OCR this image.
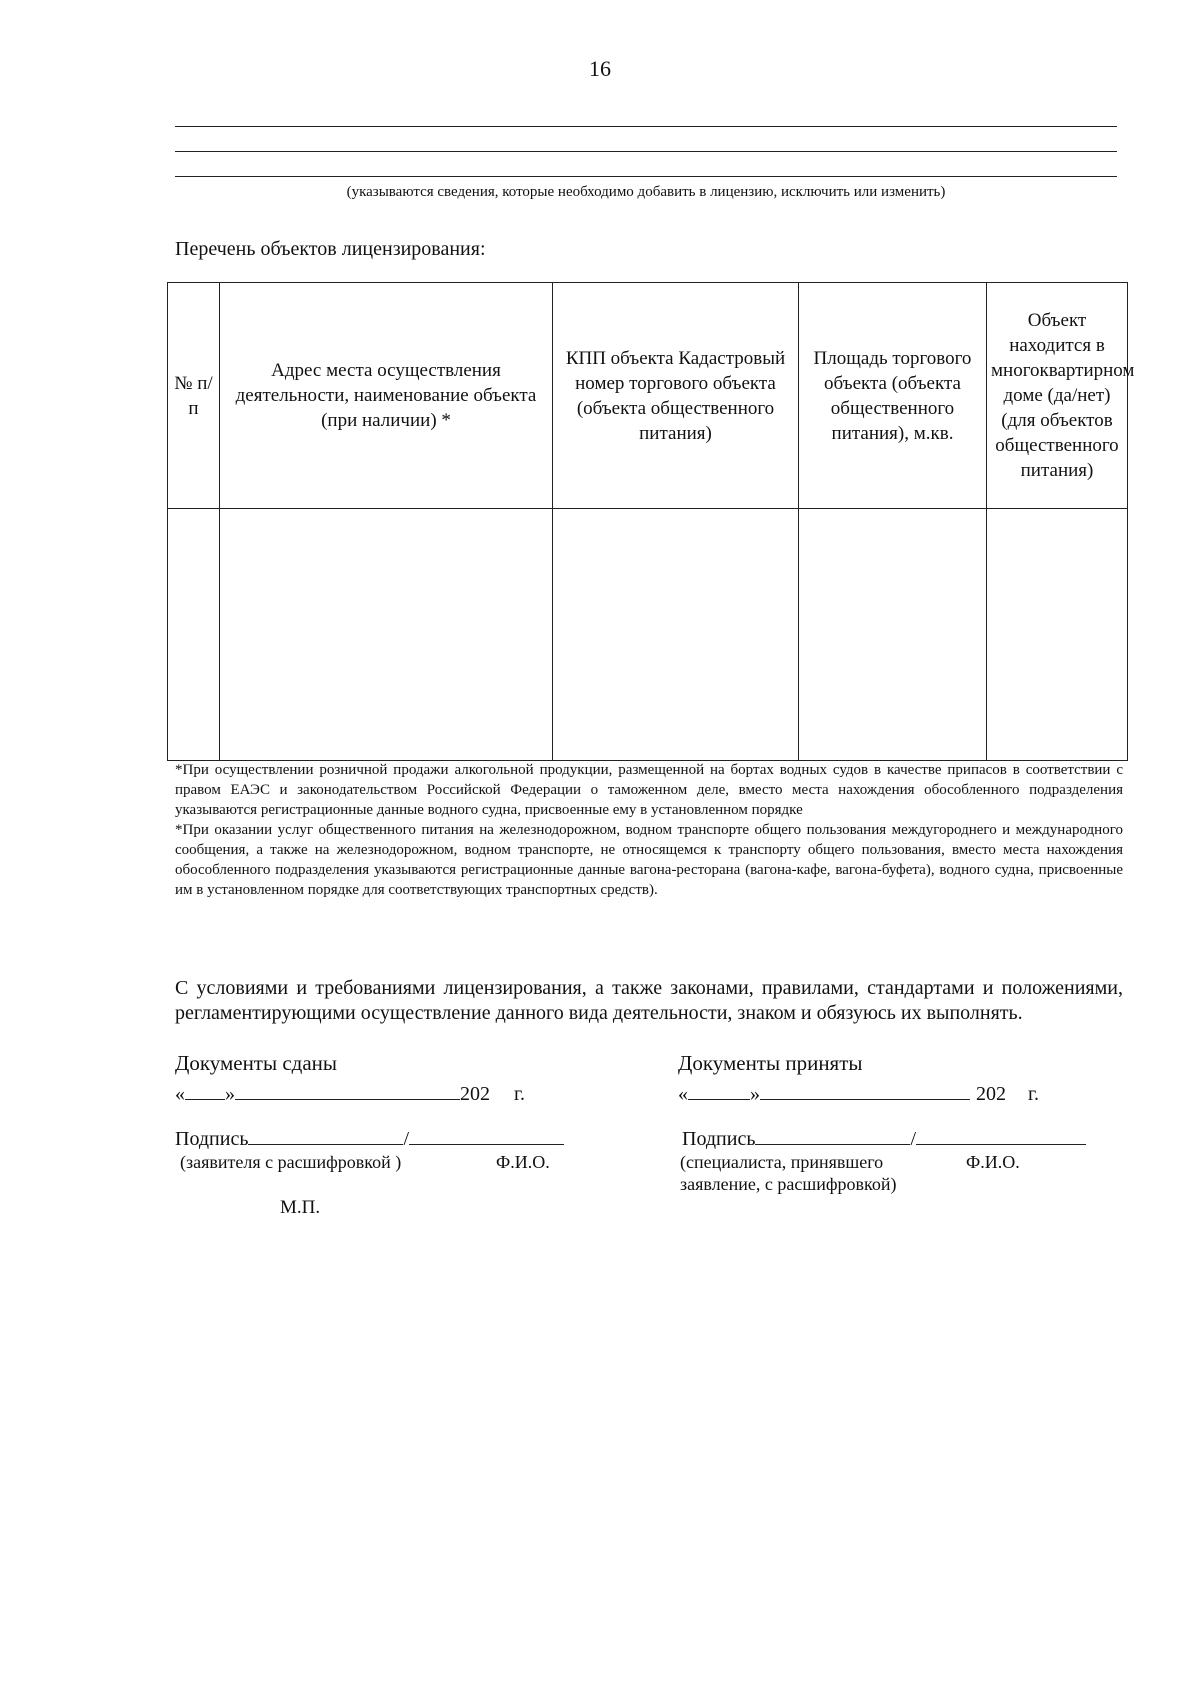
16
(указываются сведения, которые необходимо добавить в лицензию, исключить или изменить)
Перечень объектов лицензирования:
№ п/п	Адрес места осуществления деятельности, наименование объекта (при наличии) *	КПП объекта Кадастровый номер торгового объекта (объекта общественного питания)	Площадь торгового объекта (объекта общественного питания), м.кв.	Объект находится в многоквартирном доме (да/нет) (для объектов общественного питания)

*При осуществлении розничной продажи алкогольной продукции, размещенной на бортах водных судов в качестве припасов в соответствии с правом ЕАЭС и законодательством Российской Федерации о таможенном деле, вместо места нахождения обособленного подразделения указываются регистрационные данные водного судна, присвоенные ему в установленном порядке

*При оказании услуг общественного питания на железнодорожном, водном транспорте общего пользования междугороднего и международного сообщения, а также на железнодорожном, водном транспорте, не относящемся к транспорту общего пользования, вместо места нахождения обособленного подразделения указываются регистрационные данные вагона-ресторана (вагона-кафе, вагона-буфета), водного судна, присвоенные им в установленном порядке для соответствующих транспортных средств).

С условиями и требованиями лицензирования, а также законами, правилами, стандартами и положениями, регламентирующими осуществление данного вида деятельности, знаком и обязуюсь их выполнять.
Документы сданы
« »	202 г.
Подпись	/
(заявителя с расшифровкой )	Ф.И.О.
М.П.
Документы приняты
«	»	202 г.
Подпись	/
(специалиста, принявшего
заявление, с расшифровкой)
Ф.И.О.
